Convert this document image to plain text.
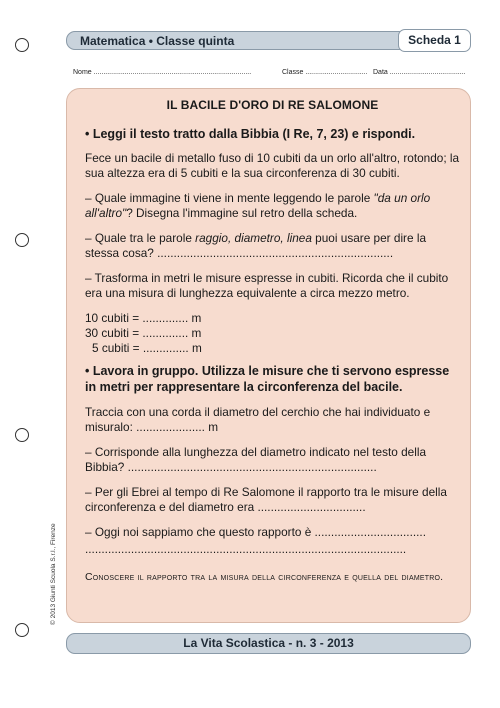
Matematica • Classe quinta	Scheda 1
Nome .................................................................................	Classe ................................ Data .......................................
IL BACILE D'ORO DI RE SALOMONE
• Leggi il testo tratto dalla Bibbia (I Re, 7, 23) e rispondi.
Fece un bacile di metallo fuso di 10 cubiti da un orlo all'altro, rotondo; la sua altezza era di 5 cubiti e la sua circonferenza di 30 cubiti.
– Quale immagine ti viene in mente leggendo le parole "da un orlo all'altro"? Disegna l'immagine sul retro della scheda.
– Quale tra le parole raggio, diametro, linea puoi usare per dire la stessa cosa? ........................................................................
– Trasforma in metri le misure espresse in cubiti. Ricorda che il cubito era una misura di lunghezza equivalente a circa mezzo metro.
10 cubiti = .............. m
30 cubiti = .............. m
5 cubiti = .............. m
• Lavora in gruppo. Utilizza le misure che ti servono espresse in metri per rappresentare la circonferenza del bacile.
Traccia con una corda il diametro del cerchio che hai individuato e misuralo: ..................... m
– Corrisponde alla lunghezza del diametro indicato nel testo della Bibbia? ............................................................................
– Per gli Ebrei al tempo di Re Salomone il rapporto tra le misure della circonferenza e del diametro era .................................
– Oggi noi sappiamo che questo rapporto è ..................................
..................................................................................................
Conoscere il rapporto tra la misura della circonferenza e quella del diametro.
La Vita Scolastica - n. 3 - 2013
© 2013 Giunti Scuola S.r.l., Firenze
